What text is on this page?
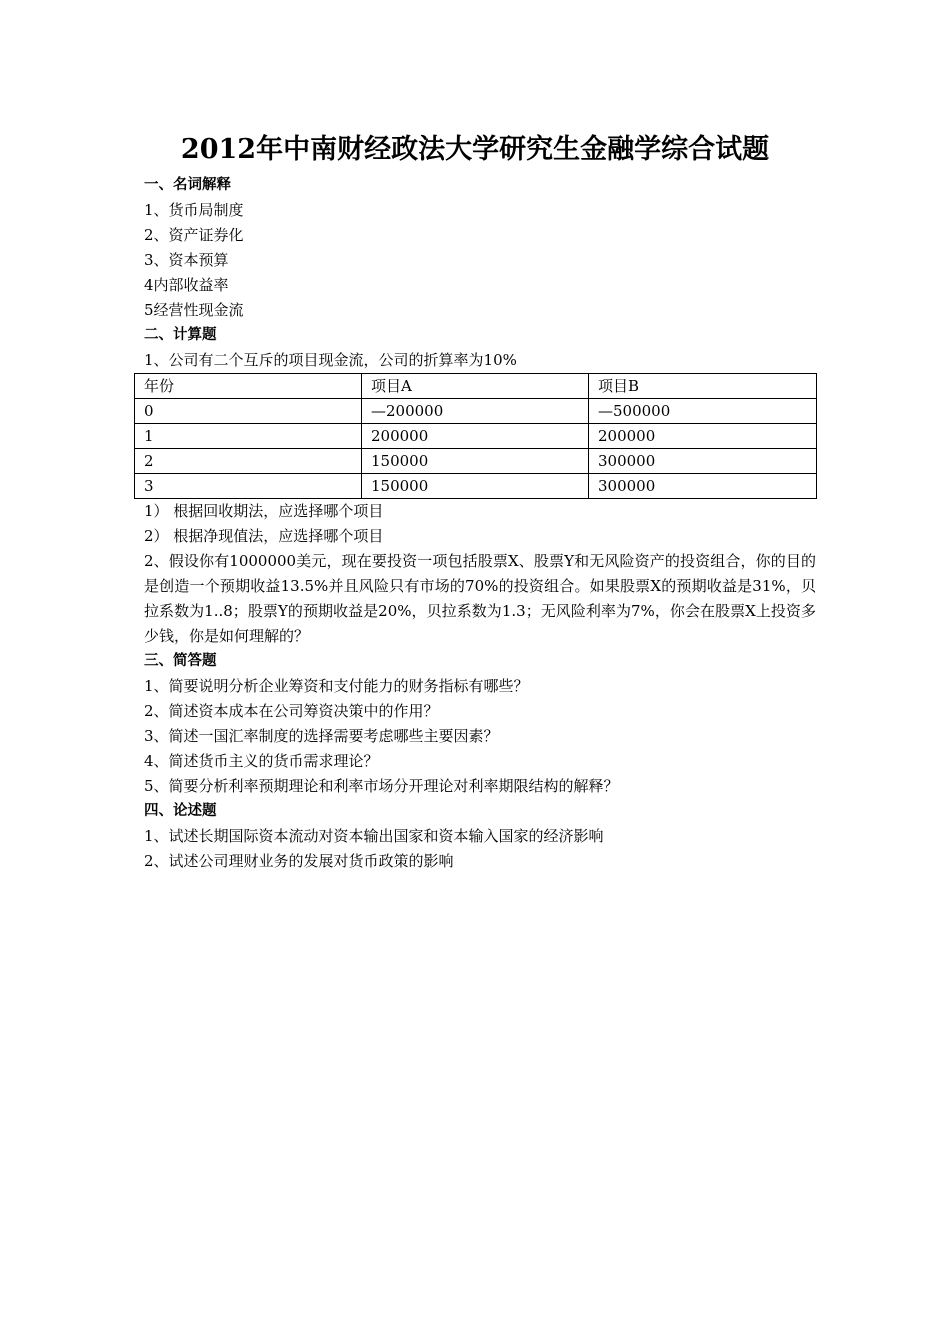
2012年中南财经政法大学研究生金融学综合试题
一、名词解释
1、货币局制度
2、资产证券化
3、资本预算
4内部收益率
5经营性现金流
二、计算题
1、公司有二个互斥的项目现金流，公司的折算率为10%
年份	项目A	项目B
0	—200000	—500000
1	200000	200000
2	150000	300000
3	150000	300000
1） 根据回收期法，应选择哪个项目
2） 根据净现值法，应选择哪个项目
2、假设你有1000000美元，现在要投资一项包括股票X、股票Y和无风险资产的投资组合，你的目的是创造一个预期收益13.5%并且风险只有市场的70%的投资组合。如果股票X的预期收益是31%，贝拉系数为1..8；股票Y的预期收益是20%，贝拉系数为1.3；无风险利率为7%，你会在股票X上投资多少钱，你是如何理解的？
三、简答题
1、简要说明分析企业筹资和支付能力的财务指标有哪些？
2、简述资本成本在公司筹资决策中的作用？
3、简述一国汇率制度的选择需要考虑哪些主要因素？
4、简述货币主义的货币需求理论？
5、简要分析利率预期理论和利率市场分开理论对利率期限结构的解释？
四、论述题
1、试述长期国际资本流动对资本输出国家和资本输入国家的经济影响
2、试述公司理财业务的发展对货币政策的影响
